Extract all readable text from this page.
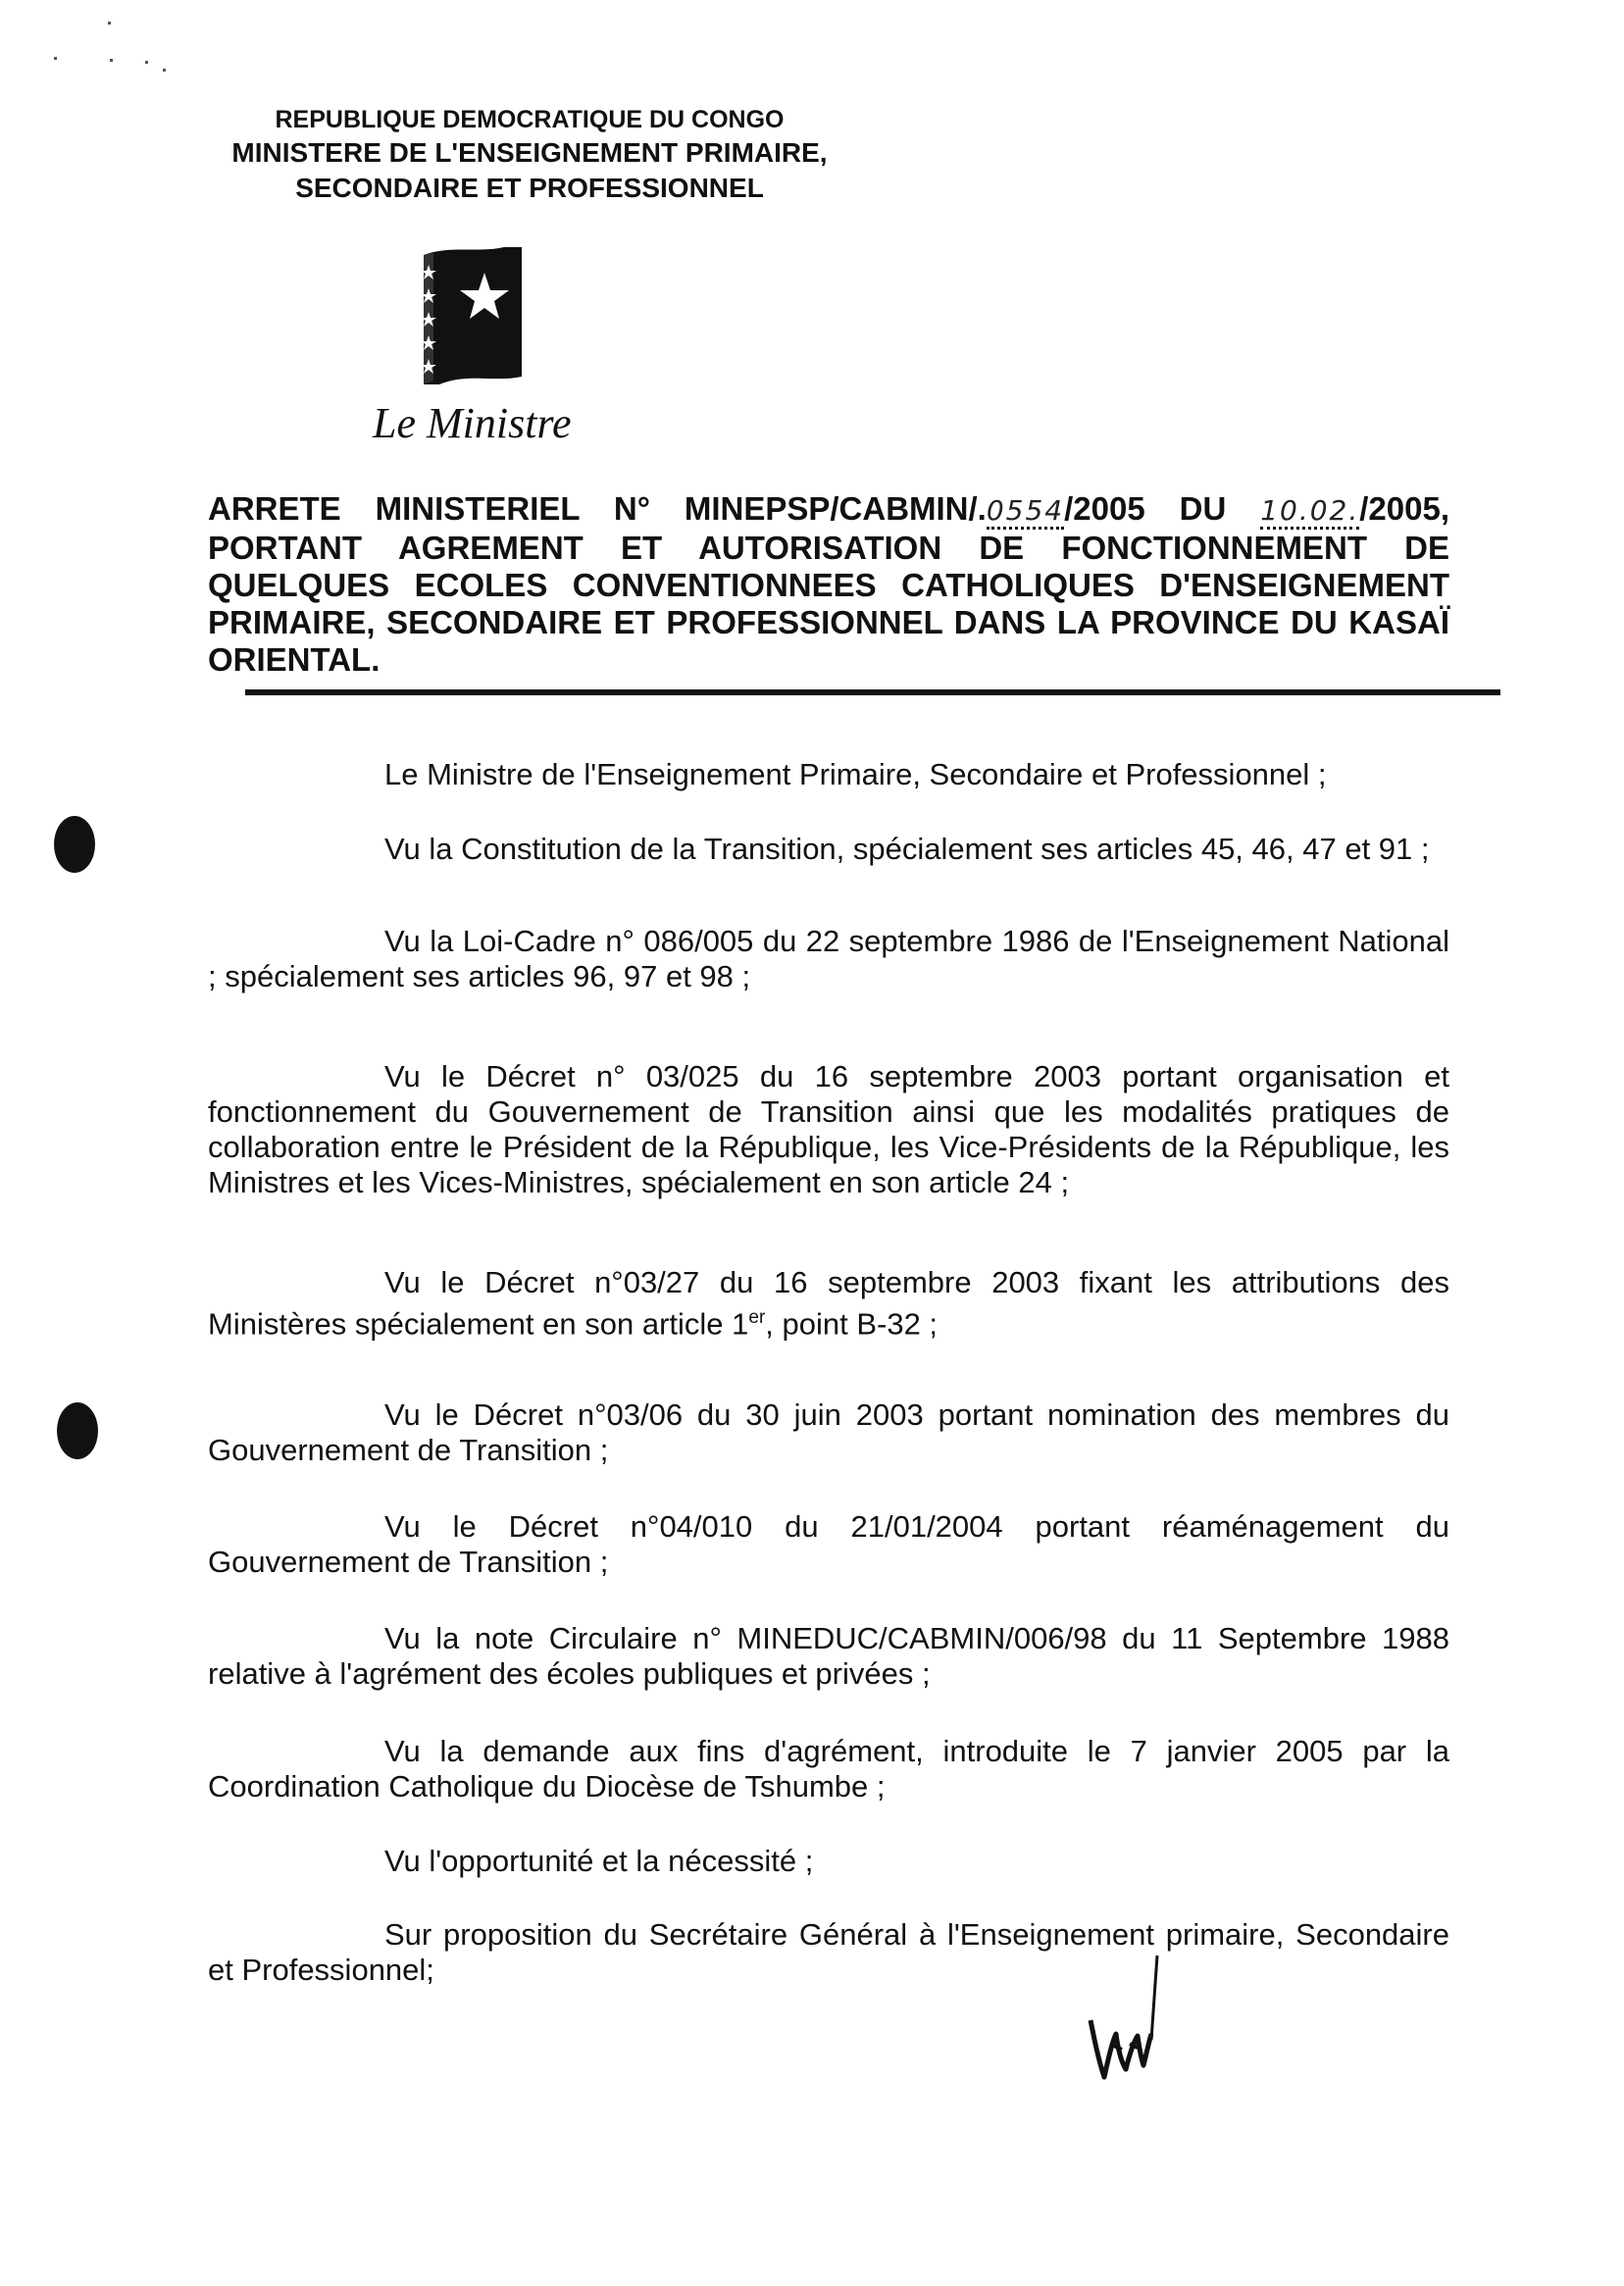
REPUBLIQUE DEMOCRATIQUE DU CONGO
MINISTERE DE L'ENSEIGNEMENT PRIMAIRE,
SECONDAIRE ET PROFESSIONNEL
Le Ministre
ARRETE MINISTERIEL N° MINEPSP/CABMIN/.0554/2005 DU 10.02./2005, PORTANT AGREMENT ET AUTORISATION DE FONCTIONNEMENT DE QUELQUES ECOLES CONVENTIONNEES CATHOLIQUES D'ENSEIGNEMENT PRIMAIRE, SECONDAIRE ET PROFESSIONNEL DANS LA PROVINCE DU KASAÏ ORIENTAL.
Le Ministre de l'Enseignement Primaire, Secondaire et Professionnel ;
Vu la Constitution de la Transition, spécialement ses articles 45, 46, 47 et 91 ;
Vu la Loi-Cadre n° 086/005 du 22 septembre 1986 de l'Enseignement National ; spécialement ses articles 96, 97 et 98 ;
Vu le Décret n° 03/025 du 16 septembre 2003 portant organisation et fonctionnement du Gouvernement de Transition ainsi que les modalités pratiques de collaboration entre le Président de la République, les Vice-Présidents de la République, les Ministres et les Vices-Ministres, spécialement en son article 24 ;
Vu le Décret n°03/27 du 16 septembre 2003 fixant les attributions des Ministères spécialement en son article 1er, point B-32 ;
Vu le Décret n°03/06 du 30 juin 2003 portant nomination des membres du Gouvernement de Transition ;
Vu le Décret n°04/010 du 21/01/2004 portant réaménagement du Gouvernement de Transition ;
Vu la note Circulaire n° MINEDUC/CABMIN/006/98 du 11 Septembre 1988 relative à l'agrément des écoles publiques et privées ;
Vu la demande aux fins d'agrément, introduite le 7 janvier 2005 par la Coordination Catholique du Diocèse de Tshumbe ;
Vu l'opportunité et la nécessité ;
Sur proposition du Secrétaire Général à l'Enseignement primaire, Secondaire et Professionnel;
